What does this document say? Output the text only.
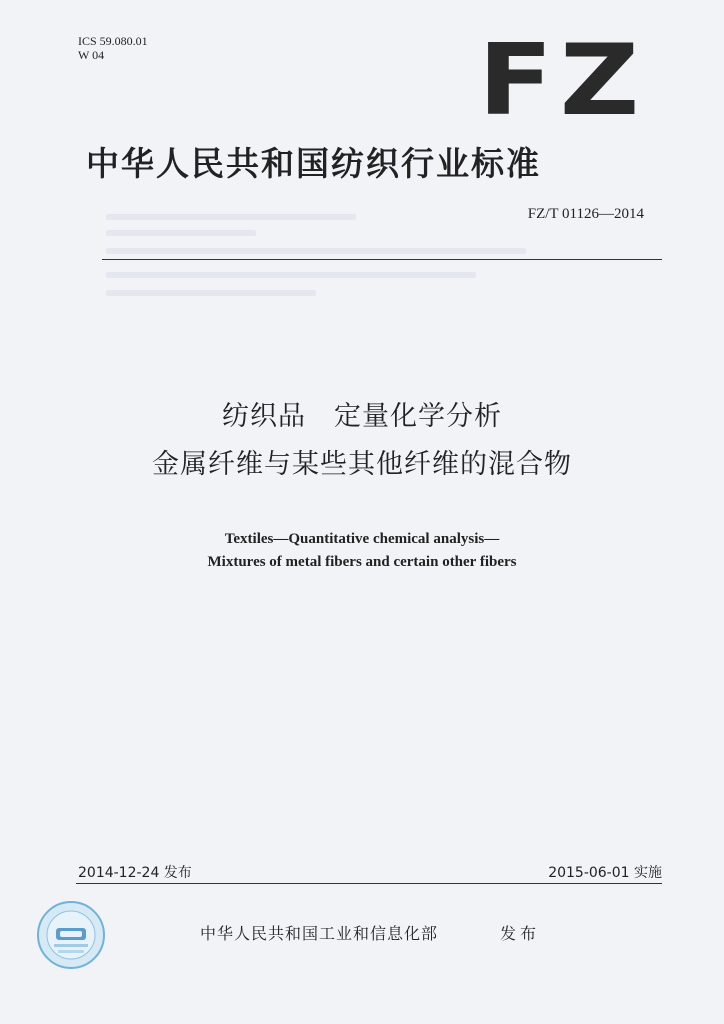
ICS 59.080.01
W 04	FZ
中华人民共和国纺织行业标准
FZ/T 01126—2014
纺织品　定量化学分析
金属纤维与某些其他纤维的混合物
Textiles—Quantitative chemical analysis—
Mixtures of metal fibers and certain other fibers
2014-12-24 发布	2015-06-01 实施
中华人民共和国工业和信息化部	发布
